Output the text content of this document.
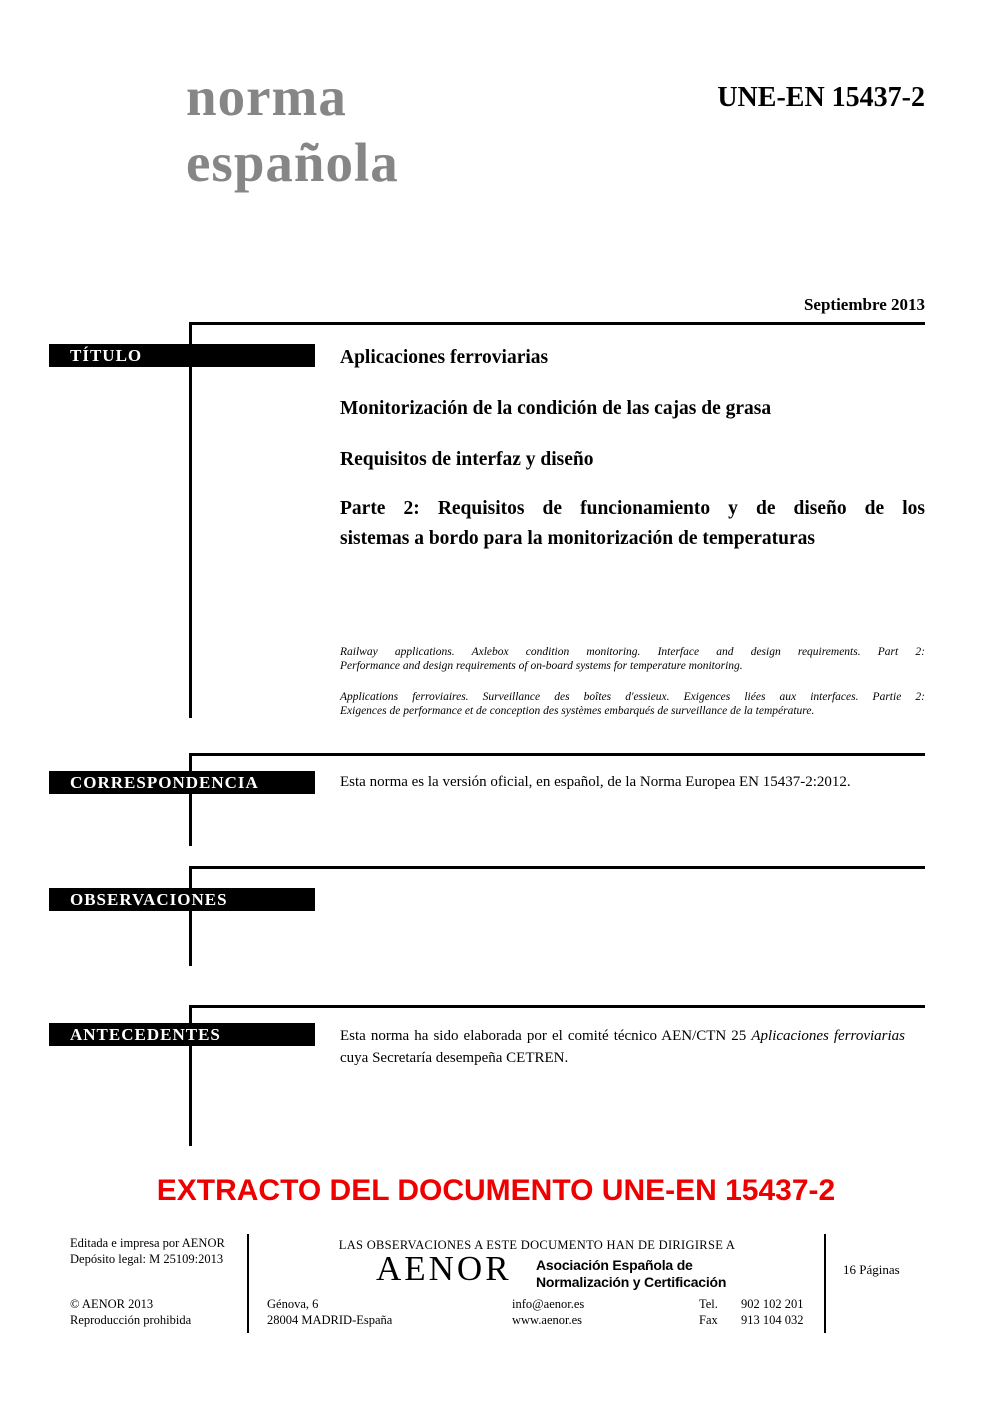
norma
española
UNE-EN 15437-2
Septiembre 2013
TÍTULO	Aplicaciones ferroviarias
Monitorización de la condición de las cajas de grasa
Requisitos de interfaz y diseño
Parte 2: Requisitos de funcionamiento y de diseño de los
sistemas a bordo para la monitorización de temperaturas
Railway applications. Axlebox condition monitoring. Interface and design requirements. Part 2:
Performance and design requirements of on-board systems for temperature monitoring.
Applications ferroviaires. Surveillance des boîtes d'essieux. Exigences liées aux interfaces. Partie 2:
Exigences de performance et de conception des systèmes embarqués de surveillance de la température.
CORRESPONDENCIA	Esta norma es la versión oficial, en español, de la Norma Europea EN 15437-2:2012.
OBSERVACIONES
ANTECEDENTES	Esta norma ha sido elaborada por el comité técnico AEN/CTN 25 Aplicaciones ferroviarias cuya Secretaría desempeña CETREN.
EXTRACTO DEL DOCUMENTO UNE-EN 15437-2
Editada e impresa por AENOR
Depósito legal: M 25109:2013
LAS OBSERVACIONES A ESTE DOCUMENTO HAN DE DIRIGIRSE A
AENOR Asociación Española de
Normalización y Certificación
16 Páginas
© AENOR 2013
Reproducción prohibida
Génova, 6
28004 MADRID-España
info@aenor.es
www.aenor.es
Tel.	902 102 201
Fax	913 104 032
